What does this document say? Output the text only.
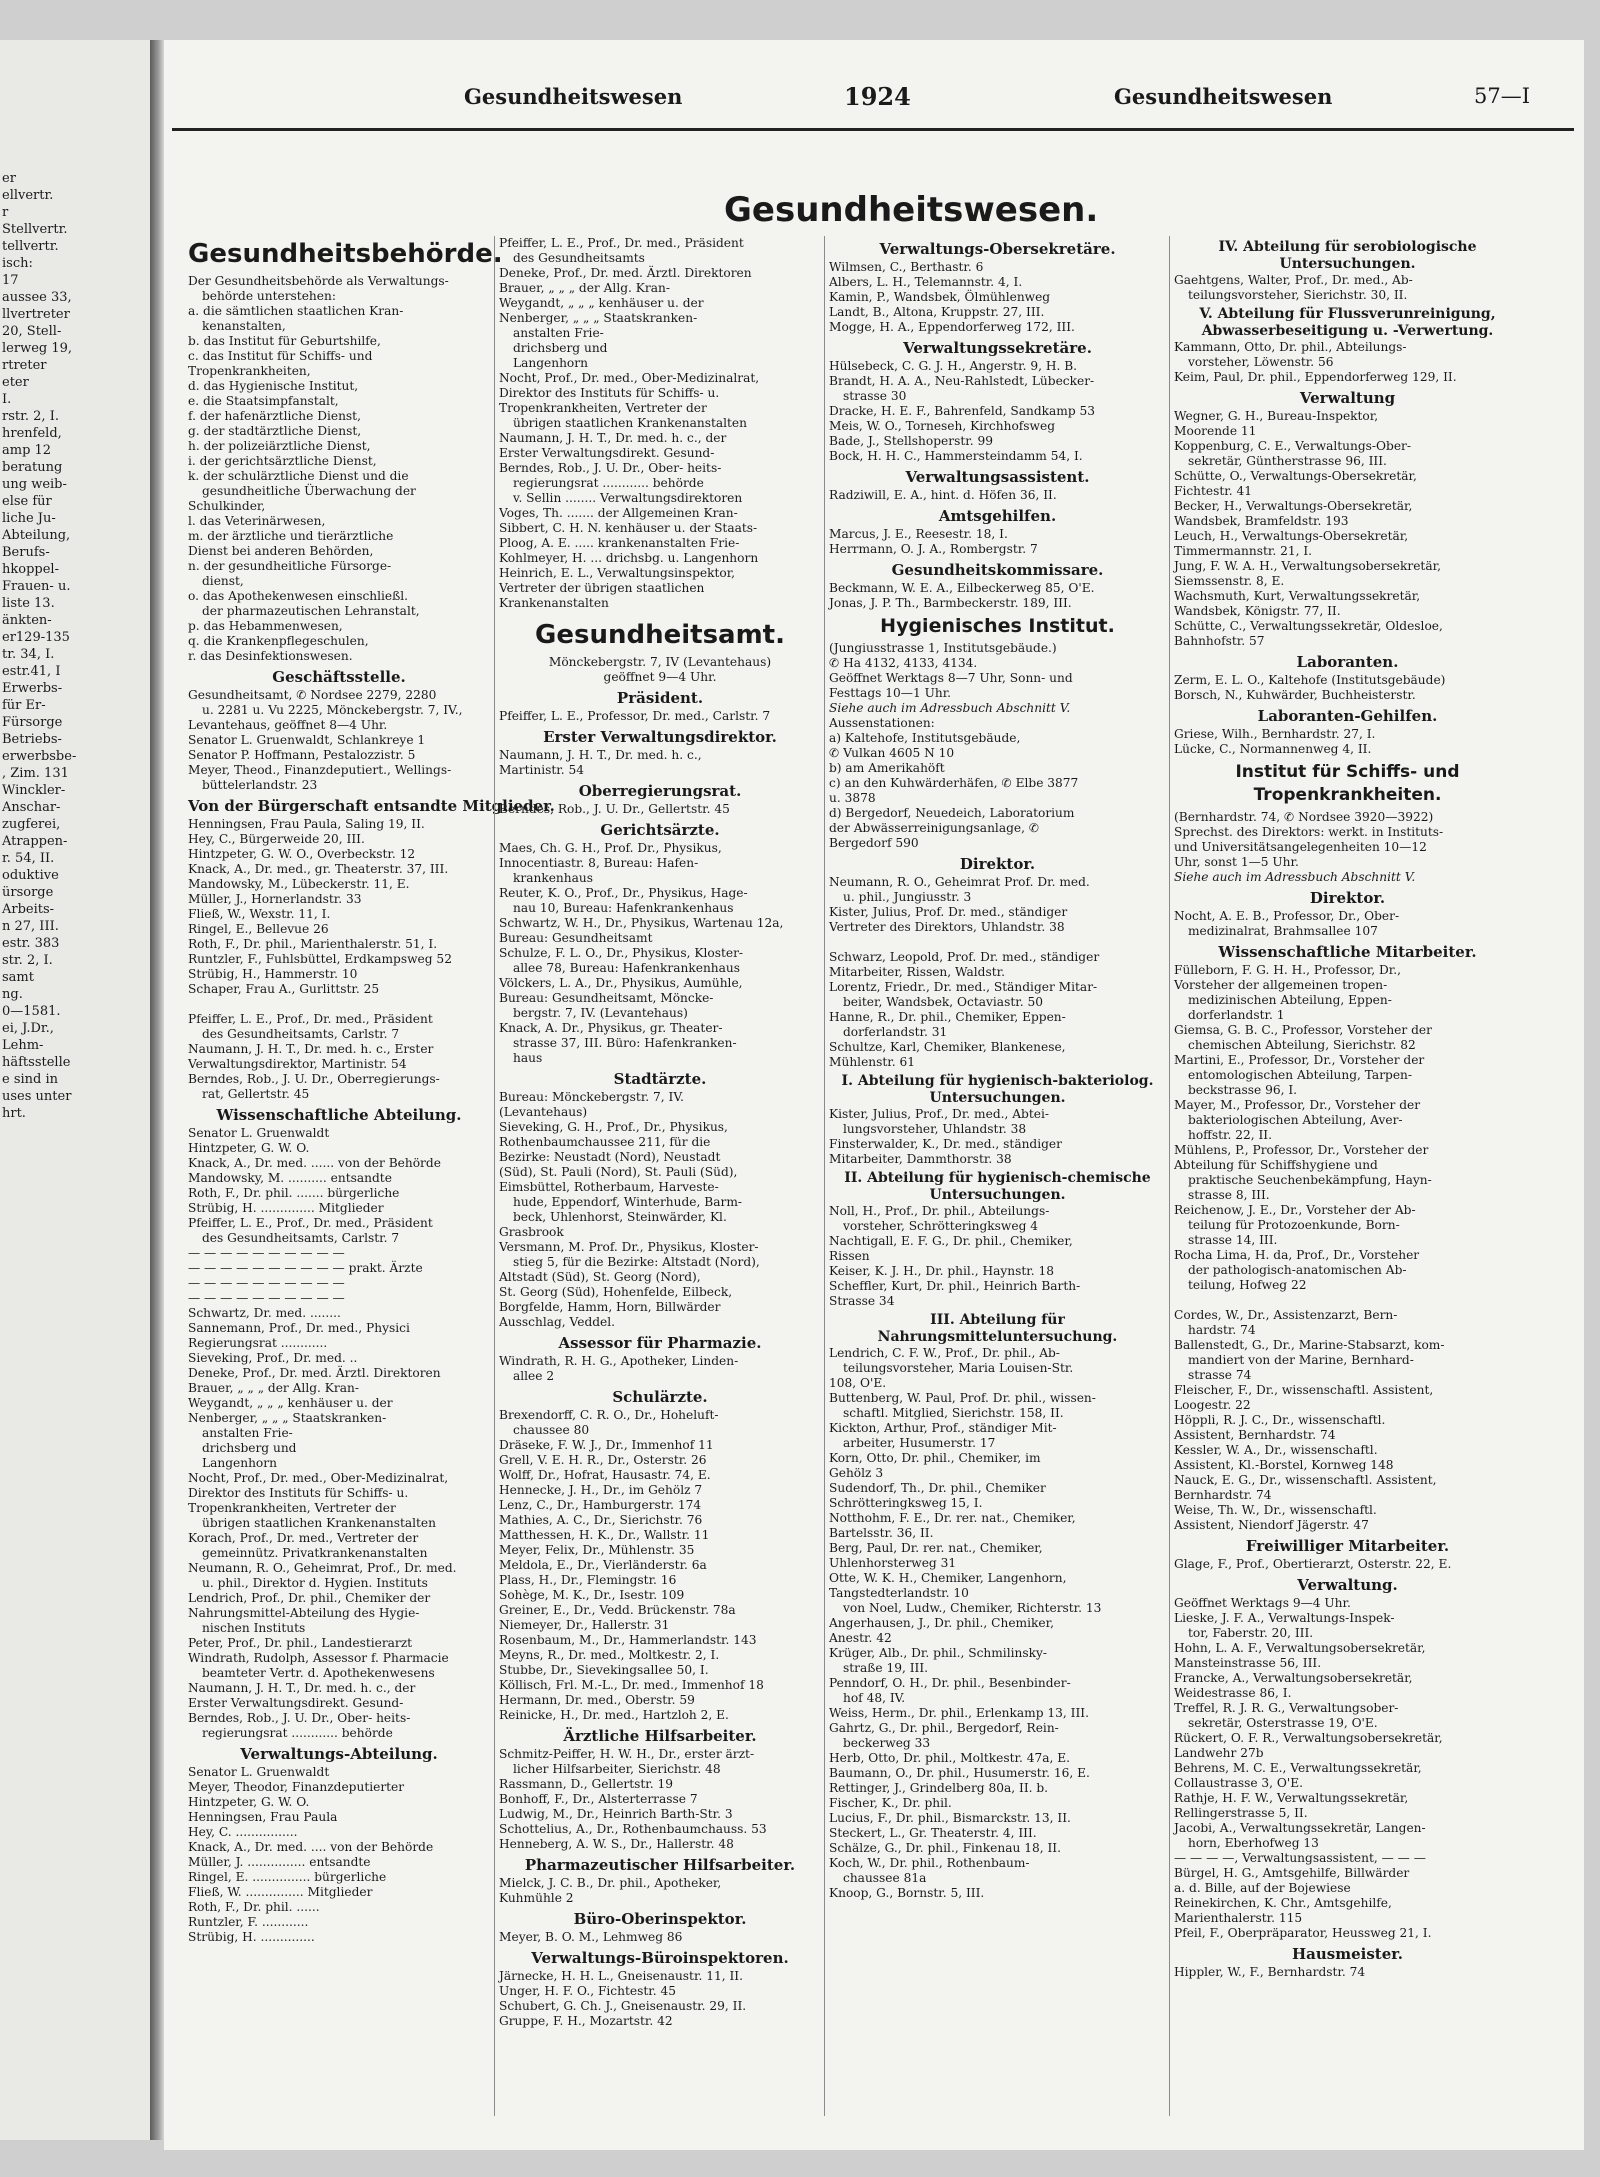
er
ellvertr.
r
Stellvertr.
tellvertr.
isch:
17
aussee 33,
llvertreter
20, Stell-
lerweg 19,
rtreter
eter
I.
rstr. 2, I.
hrenfeld,
amp 12
beratung
ung weib-
else für
liche Ju-
Abteilung,
Berufs-
hkoppel-
Frauen- u.
liste 13.
änkten-
er129-135
tr. 34, I.
estr.41, I
Erwerbs-
für Er-
Fürsorge
Betriebs-
erwerbsbe-
, Zim. 131
Winckler-
Anschar-
zugferei,
Atrappen-
r. 54, II.
oduktive
ürsorge
Arbeits-
n 27, III.
estr. 383
str. 2, I.
samt
ng.
0—1581.
ei, J.Dr.,
Lehm-
häftsstelle
e sind in
uses unter
hrt.
Gesundheitswesen	1924	Gesundheitswesen	57—I
Gesundheitswesen.
Gesundheitsbehörde.
Der Gesundheitsbehörde als Verwaltungs-
behörde unterstehen:
a. die sämtlichen staatlichen Kran-
kenanstalten,
b. das Institut für Geburtshilfe,
c. das Institut für Schiffs- und
Tropenkrankheiten,
d. das Hygienische Institut,
e. die Staatsimpfanstalt,
f. der hafenärztliche Dienst,
g. der stadtärztliche Dienst,
h. der polizeiärztliche Dienst,
i. der gerichtsärztliche Dienst,
k. der schulärztliche Dienst und die
gesundheitliche Überwachung der
Schulkinder,
l. das Veterinärwesen,
m. der ärztliche und tierärztliche
Dienst bei anderen Behörden,
n. der gesundheitliche Fürsorge-
dienst,
o. das Apothekenwesen einschließl.
der pharmazeutischen Lehranstalt,
p. das Hebammenwesen,
q. die Krankenpflegeschulen,
r. das Desinfektionswesen.
Geschäftsstelle.
Gesundheitsamt, ✆ Nordsee 2279, 2280
u. 2281 u. Vu 2225, Mönckebergstr. 7, IV.,
Levantehaus, geöffnet 8—4 Uhr.
Senator L. Gruenwaldt, Schlankreye 1
Senator P. Hoffmann, Pestalozzistr. 5
Meyer, Theod., Finanzdeputiert., Wellings-
büttelerlandstr. 23
Von der Bürgerschaft entsandte Mitglieder.
Henningsen, Frau Paula, Saling 19, II.
Hey, C., Bürgerweide 20, III.
Hintzpeter, G. W. O., Overbeckstr. 12
Knack, A., Dr. med., gr. Theaterstr. 37, III.
Mandowsky, M., Lübeckerstr. 11, E.
Müller, J., Hornerlandstr. 33
Fließ, W., Wexstr. 11, I.
Ringel, E., Bellevue 26
Roth, F., Dr. phil., Marienthalerstr. 51, I.
Runtzler, F., Fuhlsbüttel, Erdkampsweg 52
Strübig, H., Hammerstr. 10
Schaper, Frau A., Gurlittstr. 25

Pfeiffer, L. E., Prof., Dr. med., Präsident
des Gesundheitsamts, Carlstr. 7
Naumann, J. H. T., Dr. med. h. c., Erster
Verwaltungsdirektor, Martinistr. 54
Berndes, Rob., J. U. Dr., Oberregierungs-
rat, Gellertstr. 45
Wissenschaftliche Abteilung.
Senator L. Gruenwaldt
Hintzpeter, G. W. O.
Knack, A., Dr. med. ...... von der Behörde
Mandowsky, M. .......... entsandte
Roth, F., Dr. phil. ....... bürgerliche
Strübig, H. .............. Mitglieder
Pfeiffer, L. E., Prof., Dr. med., Präsident
des Gesundheitsamts, Carlstr. 7
— — — — — — — — — —
— — — — — — — — — — prakt. Ärzte
— — — — — — — — — —
— — — — — — — — — —
Schwartz, Dr. med. ........
Sannemann, Prof., Dr. med., Physici
Regierungsrat ............
Sieveking, Prof., Dr. med. ..
Deneke, Prof., Dr. med. Ärztl. Direktoren
Brauer, „ „ „ der Allg. Kran-
Weygandt, „ „ „ kenhäuser u. der
Nenberger, „ „ „ Staatskranken-
anstalten Frie-
drichsberg und
Langenhorn
Nocht, Prof., Dr. med., Ober-Medizinalrat,
Direktor des Instituts für Schiffs- u.
Tropenkrankheiten, Vertreter der
übrigen staatlichen Krankenanstalten
Korach, Prof., Dr. med., Vertreter der
gemeinnütz. Privatkrankenanstalten
Neumann, R. O., Geheimrat, Prof., Dr. med.
u. phil., Direktor d. Hygien. Instituts
Lendrich, Prof., Dr. phil., Chemiker der
Nahrungsmittel-Abteilung des Hygie-
nischen Instituts
Peter, Prof., Dr. phil., Landestierarzt
Windrath, Rudolph, Assessor f. Pharmacie
beamteter Vertr. d. Apothekenwesens
Naumann, J. H. T., Dr. med. h. c., der
Erster Verwaltungsdirekt. Gesund-
Berndes, Rob., J. U. Dr., Ober- heits-
regierungsrat ............ behörde
Verwaltungs-Abteilung.
Senator L. Gruenwaldt
Meyer, Theodor, Finanzdeputierter
Hintzpeter, G. W. O.
Henningsen, Frau Paula
Hey, C. ................
Knack, A., Dr. med. .... von der Behörde
Müller, J. ............... entsandte
Ringel, E. ............... bürgerliche
Fließ, W. ............... Mitglieder
Roth, F., Dr. phil. ......
Runtzler, F. ............
Strübig, H. ..............
Pfeiffer, L. E., Prof., Dr. med., Präsident
des Gesundheitsamts
Deneke, Prof., Dr. med. Ärztl. Direktoren
Brauer, „ „ „ der Allg. Kran-
Weygandt, „ „ „ kenhäuser u. der
Nenberger, „ „ „ Staatskranken-
anstalten Frie-
drichsberg und
Langenhorn
Nocht, Prof., Dr. med., Ober-Medizinalrat,
Direktor des Instituts für Schiffs- u.
Tropenkrankheiten, Vertreter der
übrigen staatlichen Krankenanstalten
Naumann, J. H. T., Dr. med. h. c., der
Erster Verwaltungsdirekt. Gesund-
Berndes, Rob., J. U. Dr., Ober- heits-
regierungsrat ............ behörde
v. Sellin ........ Verwaltungsdirektoren
Voges, Th. ....... der Allgemeinen Kran-
Sibbert, C. H. N. kenhäuser u. der Staats-
Ploog, A. E. ..... krankenanstalten Frie-
Kohlmeyer, H. ... drichsbg. u. Langenhorn
Heinrich, E. L., Verwaltungsinspektor,
Vertreter der übrigen staatlichen
Krankenanstalten
Gesundheitsamt.
Mönckebergstr. 7, IV (Levantehaus)
geöffnet 9—4 Uhr.
Präsident.
Pfeiffer, L. E., Professor, Dr. med., Carlstr. 7
Erster Verwaltungsdirektor.
Naumann, J. H. T., Dr. med. h. c.,
Martinistr. 54
Oberregierungsrat.
Berndes, Rob., J. U. Dr., Gellertstr. 45
Gerichtsärzte.
Maes, Ch. G. H., Prof. Dr., Physikus,
Innocentiastr. 8, Bureau: Hafen-
krankenhaus
Reuter, K. O., Prof., Dr., Physikus, Hage-
nau 10, Bureau: Hafenkrankenhaus
Schwartz, W. H., Dr., Physikus, Wartenau 12a,
Bureau: Gesundheitsamt
Schulze, F. L. O., Dr., Physikus, Kloster-
allee 78, Bureau: Hafenkrankenhaus
Völckers, L. A., Dr., Physikus, Aumühle,
Bureau: Gesundheitsamt, Möncke-
bergstr. 7, IV. (Levantehaus)
Knack, A. Dr., Physikus, gr. Theater-
strasse 37, III. Büro: Hafenkranken-
haus
Stadtärzte.
Bureau: Mönckebergstr. 7, IV.
(Levantehaus)
Sieveking, G. H., Prof., Dr., Physikus,
Rothenbaumchaussee 211, für die
Bezirke: Neustadt (Nord), Neustadt
(Süd), St. Pauli (Nord), St. Pauli (Süd),
Eimsbüttel, Rotherbaum, Harveste-
hude, Eppendorf, Winterhude, Barm-
beck, Uhlenhorst, Steinwärder, Kl.
Grasbrook
Versmann, M. Prof. Dr., Physikus, Kloster-
stieg 5, für die Bezirke: Altstadt (Nord),
Altstadt (Süd), St. Georg (Nord),
St. Georg (Süd), Hohenfelde, Eilbeck,
Borgfelde, Hamm, Horn, Billwärder
Ausschlag, Veddel.
Assessor für Pharmazie.
Windrath, R. H. G., Apotheker, Linden-
allee 2
Schulärzte.
Brexendorff, C. R. O., Dr., Hoheluft-
chaussee 80
Dräseke, F. W. J., Dr., Immenhof 11
Grell, V. E. H. R., Dr., Osterstr. 26
Wolff, Dr., Hofrat, Hausastr. 74, E.
Hennecke, J. H., Dr., im Gehölz 7
Lenz, C., Dr., Hamburgerstr. 174
Mathies, A. C., Dr., Sierichstr. 76
Matthessen, H. K., Dr., Wallstr. 11
Meyer, Felix, Dr., Mühlenstr. 35
Meldola, E., Dr., Vierländerstr. 6a
Plass, H., Dr., Flemingstr. 16
Sohège, M. K., Dr., Isestr. 109
Greiner, E., Dr., Vedd. Brückenstr. 78a
Niemeyer, Dr., Hallerstr. 31
Rosenbaum, M., Dr., Hammerlandstr. 143
Meyns, R., Dr. med., Moltkestr. 2, I.
Stubbe, Dr., Sievekingsallee 50, I.
Köllisch, Frl. M.-L., Dr. med., Immenhof 18
Hermann, Dr. med., Oberstr. 59
Reinicke, H., Dr. med., Hartzloh 2, E.
Ärztliche Hilfsarbeiter.
Schmitz-Peiffer, H. W. H., Dr., erster ärzt-
licher Hilfsarbeiter, Sierichstr. 48
Rassmann, D., Gellertstr. 19
Bonhoff, F., Dr., Alsterterrasse 7
Ludwig, M., Dr., Heinrich Barth-Str. 3
Schottelius, A., Dr., Rothenbaumchauss. 53
Henneberg, A. W. S., Dr., Hallerstr. 48
Pharmazeutischer Hilfsarbeiter.
Mielck, J. C. B., Dr. phil., Apotheker,
Kuhmühle 2
Büro-Oberinspektor.
Meyer, B. O. M., Lehmweg 86
Verwaltungs-Büroinspektoren.
Järnecke, H. H. L., Gneisenaustr. 11, II.
Unger, H. F. O., Fichtestr. 45
Schubert, G. Ch. J., Gneisenaustr. 29, II.
Gruppe, F. H., Mozartstr. 42
Verwaltungs-Obersekretäre.
Wilmsen, C., Berthastr. 6
Albers, L. H., Telemannstr. 4, I.
Kamin, P., Wandsbek, Ölmühlenweg
Landt, B., Altona, Kruppstr. 27, III.
Mogge, H. A., Eppendorferweg 172, III.
Verwaltungssekretäre.
Hülsebeck, C. G. J. H., Angerstr. 9, H. B.
Brandt, H. A. A., Neu-Rahlstedt, Lübecker-
strasse 30
Dracke, H. E. F., Bahrenfeld, Sandkamp 53
Meis, W. O., Torneseh, Kirchhofsweg
Bade, J., Stellshoperstr. 99
Bock, H. H. C., Hammersteindamm 54, I.
Verwaltungsassistent.
Radziwill, E. A., hint. d. Höfen 36, II.
Amtsgehilfen.
Marcus, J. E., Reesestr. 18, I.
Herrmann, O. J. A., Rombergstr. 7
Gesundheitskommissare.
Beckmann, W. E. A., Eilbeckerweg 85, O'E.
Jonas, J. P. Th., Barmbeckerstr. 189, III.
Hygienisches Institut.
(Jungiusstrasse 1, Institutsgebäude.)
✆ Ha 4132, 4133, 4134.
Geöffnet Werktags 8—7 Uhr, Sonn- und
Festtags 10—1 Uhr.
Siehe auch im Adressbuch Abschnitt V.
Aussenstationen:
a) Kaltehofe, Institutsgebäude,
✆ Vulkan 4605 N 10
b) am Amerikahöft
c) an den Kuhwärderhäfen, ✆ Elbe 3877
u. 3878
d) Bergedorf, Neuedeich, Laboratorium
der Abwässerreinigungsanlage, ✆
Bergedorf 590
Direktor.
Neumann, R. O., Geheimrat Prof. Dr. med.
u. phil., Jungiusstr. 3
Kister, Julius, Prof. Dr. med., ständiger
Vertreter des Direktors, Uhlandstr. 38

Schwarz, Leopold, Prof. Dr. med., ständiger
Mitarbeiter, Rissen, Waldstr.
Lorentz, Friedr., Dr. med., Ständiger Mitar-
beiter, Wandsbek, Octaviastr. 50
Hanne, R., Dr. phil., Chemiker, Eppen-
dorferlandstr. 31
Schultze, Karl, Chemiker, Blankenese,
Mühlenstr. 61
I. Abteilung für hygienisch-bakteriolog. Untersuchungen.
Kister, Julius, Prof., Dr. med., Abtei-
lungsvorsteher, Uhlandstr. 38
Finsterwalder, K., Dr. med., ständiger
Mitarbeiter, Dammthorstr. 38
II. Abteilung für hygienisch-chemische Untersuchungen.
Noll, H., Prof., Dr. phil., Abteilungs-
vorsteher, Schrötteringksweg 4
Nachtigall, E. F. G., Dr. phil., Chemiker,
Rissen
Keiser, K. J. H., Dr. phil., Haynstr. 18
Scheffler, Kurt, Dr. phil., Heinrich Barth-
Strasse 34
III. Abteilung für Nahrungsmitteluntersuchung.
Lendrich, C. F. W., Prof., Dr. phil., Ab-
teilungsvorsteher, Maria Louisen-Str.
108, O'E.
Buttenberg, W. Paul, Prof. Dr. phil., wissen-
schaftl. Mitglied, Sierichstr. 158, II.
Kickton, Arthur, Prof., ständiger Mit-
arbeiter, Husumerstr. 17
Korn, Otto, Dr. phil., Chemiker, im
Gehölz 3
Sudendorf, Th., Dr. phil., Chemiker
Schrötteringksweg 15, I.
Notthohm, F. E., Dr. rer. nat., Chemiker,
Bartelsstr. 36, II.
Berg, Paul, Dr. rer. nat., Chemiker,
Uhlenhorsterweg 31
Otte, W. K. H., Chemiker, Langenhorn,
Tangstedterlandstr. 10
von Noel, Ludw., Chemiker, Richterstr. 13
Angerhausen, J., Dr. phil., Chemiker,
Anestr. 42
Krüger, Alb., Dr. phil., Schmilinsky-
straße 19, III.
Penndorf, O. H., Dr. phil., Besenbinder-
hof 48, IV.
Weiss, Herm., Dr. phil., Erlenkamp 13, III.
Gahrtz, G., Dr. phil., Bergedorf, Rein-
beckerweg 33
Herb, Otto, Dr. phil., Moltkestr. 47a, E.
Baumann, O., Dr. phil., Husumerstr. 16, E.
Rettinger, J., Grindelberg 80a, II. b.
Fischer, K., Dr. phil.
Lucius, F., Dr. phil., Bismarckstr. 13, II.
Steckert, L., Gr. Theaterstr. 4, III.
Schälze, G., Dr. phil., Finkenau 18, II.
Koch, W., Dr. phil., Rothenbaum-
chaussee 81a
Knoop, G., Bornstr. 5, III.
IV. Abteilung für serobiologische Untersuchungen.
Gaehtgens, Walter, Prof., Dr. med., Ab-
teilungsvorsteher, Sierichstr. 30, II.
V. Abteilung für Flussverunreinigung, Abwasserbeseitigung u. -Verwertung.
Kammann, Otto, Dr. phil., Abteilungs-
vorsteher, Löwenstr. 56
Keim, Paul, Dr. phil., Eppendorferweg 129, II.
Verwaltung
Wegner, G. H., Bureau-Inspektor,
Moorende 11
Koppenburg, C. E., Verwaltungs-Ober-
sekretär, Güntherstrasse 96, III.
Schütte, O., Verwaltungs-Obersekretär,
Fichtestr. 41
Becker, H., Verwaltungs-Obersekretär,
Wandsbek, Bramfeldstr. 193
Leuch, H., Verwaltungs-Obersekretär,
Timmermannstr. 21, I.
Jung, F. W. A. H., Verwaltungsobersekretär,
Siemssenstr. 8, E.
Wachsmuth, Kurt, Verwaltungssekretär,
Wandsbek, Königstr. 77, II.
Schütte, C., Verwaltungssekretär, Oldesloe,
Bahnhofstr. 57
Laboranten.
Zerm, E. L. O., Kaltehofe (Institutsgebäude)
Borsch, N., Kuhwärder, Buchheisterstr.
Laboranten-Gehilfen.
Griese, Wilh., Bernhardstr. 27, I.
Lücke, C., Normannenweg 4, II.
Institut für Schiffs- und Tropenkrankheiten.
(Bernhardstr. 74, ✆ Nordsee 3920—3922)
Sprechst. des Direktors: werkt. in Instituts-
und Universitätsangelegenheiten 10—12
Uhr, sonst 1—5 Uhr.
Siehe auch im Adressbuch Abschnitt V.
Direktor.
Nocht, A. E. B., Professor, Dr., Ober-
medizinalrat, Brahmsallee 107
Wissenschaftliche Mitarbeiter.
Fülleborn, F. G. H. H., Professor, Dr.,
Vorsteher der allgemeinen tropen-
medizinischen Abteilung, Eppen-
dorferlandstr. 1
Giemsa, G. B. C., Professor, Vorsteher der
chemischen Abteilung, Sierichstr. 82
Martini, E., Professor, Dr., Vorsteher der
entomologischen Abteilung, Tarpen-
beckstrasse 96, I.
Mayer, M., Professor, Dr., Vorsteher der
bakteriologischen Abteilung, Aver-
hoffstr. 22, II.
Mühlens, P., Professor, Dr., Vorsteher der
Abteilung für Schiffshygiene und
praktische Seuchenbekämpfung, Hayn-
strasse 8, III.
Reichenow, J. E., Dr., Vorsteher der Ab-
teilung für Protozoenkunde, Born-
strasse 14, III.
Rocha Lima, H. da, Prof., Dr., Vorsteher
der pathologisch-anatomischen Ab-
teilung, Hofweg 22

Cordes, W., Dr., Assistenzarzt, Bern-
hardstr. 74
Ballenstedt, G., Dr., Marine-Stabsarzt, kom-
mandiert von der Marine, Bernhard-
strasse 74
Fleischer, F., Dr., wissenschaftl. Assistent,
Loogestr. 22
Höppli, R. J. C., Dr., wissenschaftl.
Assistent, Bernhardstr. 74
Kessler, W. A., Dr., wissenschaftl.
Assistent, Kl.-Borstel, Kornweg 148
Nauck, E. G., Dr., wissenschaftl. Assistent,
Bernhardstr. 74
Weise, Th. W., Dr., wissenschaftl.
Assistent, Niendorf Jägerstr. 47
Freiwilliger Mitarbeiter.
Glage, F., Prof., Obertierarzt, Osterstr. 22, E.
Verwaltung.
Geöffnet Werktags 9—4 Uhr.
Lieske, J. F. A., Verwaltungs-Inspek-
tor, Faberstr. 20, III.
Hohn, L. A. F., Verwaltungsobersekretär,
Mansteinstrasse 56, III.
Francke, A., Verwaltungsobersekretär,
Weidestrasse 86, I.
Treffel, R. J. R. G., Verwaltungsober-
sekretär, Osterstrasse 19, O'E.
Rückert, O. F. R., Verwaltungsobersekretär,
Landwehr 27b
Behrens, M. C. E., Verwaltungssekretär,
Collaustrasse 3, O'E.
Rathje, H. F. W., Verwaltungssekretär,
Rellingerstrasse 5, II.
Jacobi, A., Verwaltungssekretär, Langen-
horn, Eberhofweg 13
— — — —, Verwaltungsassistent, — — —
Bürgel, H. G., Amtsgehilfe, Billwärder
a. d. Bille, auf der Bojewiese
Reinekirchen, K. Chr., Amtsgehilfe,
Marienthalerstr. 115
Pfeil, F., Oberpräparator, Heussweg 21, I.
Hausmeister.
Hippler, W., F., Bernhardstr. 74
